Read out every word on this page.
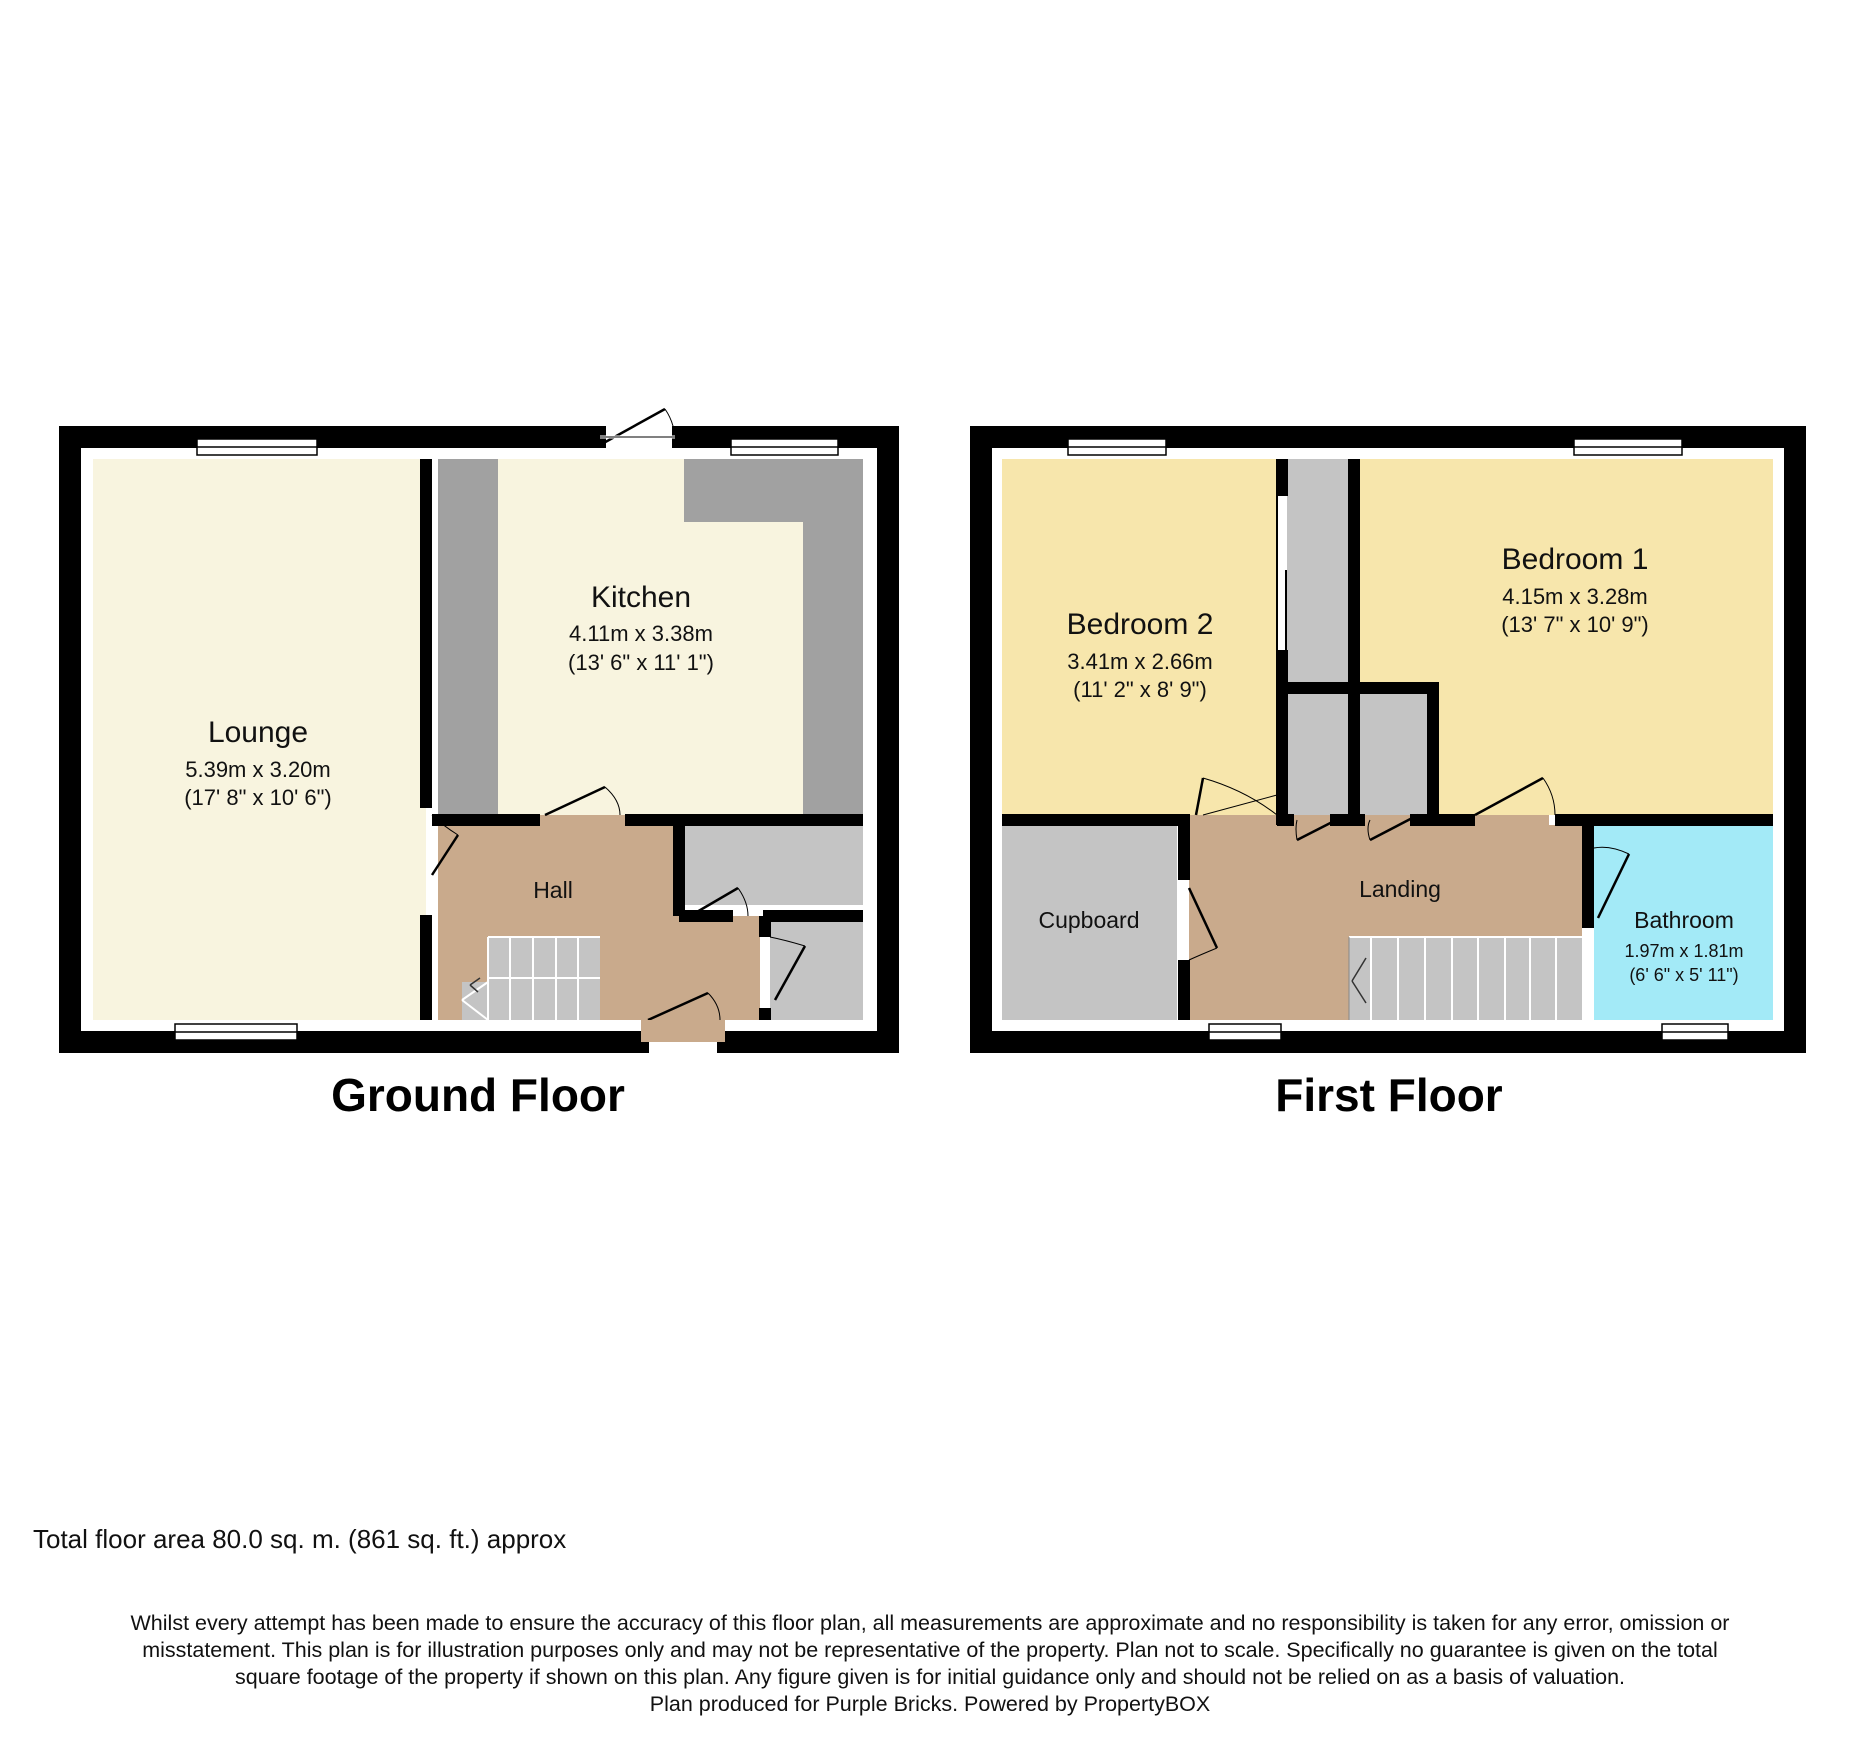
Lounge
5.39m x 3.20m
(17' 8" x 10' 6")
Kitchen
4.11m x 3.38m
(13' 6" x 11' 1")
Hall
Ground Floor
Bedroom 1
4.15m x 3.28m
(13' 7" x 10' 9")
Bedroom 2
3.41m x 2.66m
(11' 2" x 8' 9")
Landing
Cupboard	Bathroom
1.97m x 1.81m
(6' 6" x 5' 11")
First Floor
Total floor area 80.0 sq. m. (861 sq. ft.) approx
Whilst every attempt has been made to ensure the accuracy of this floor plan, all measurements are approximate and no responsibility is taken for any error, omission or
misstatement. This plan is for illustration purposes only and may not be representative of the property. Plan not to scale. Specifically no guarantee is given on the total
square footage of the property if shown on this plan. Any figure given is for initial guidance only and should not be relied on as a basis of valuation.
Plan produced for Purple Bricks. Powered by PropertyBOX
